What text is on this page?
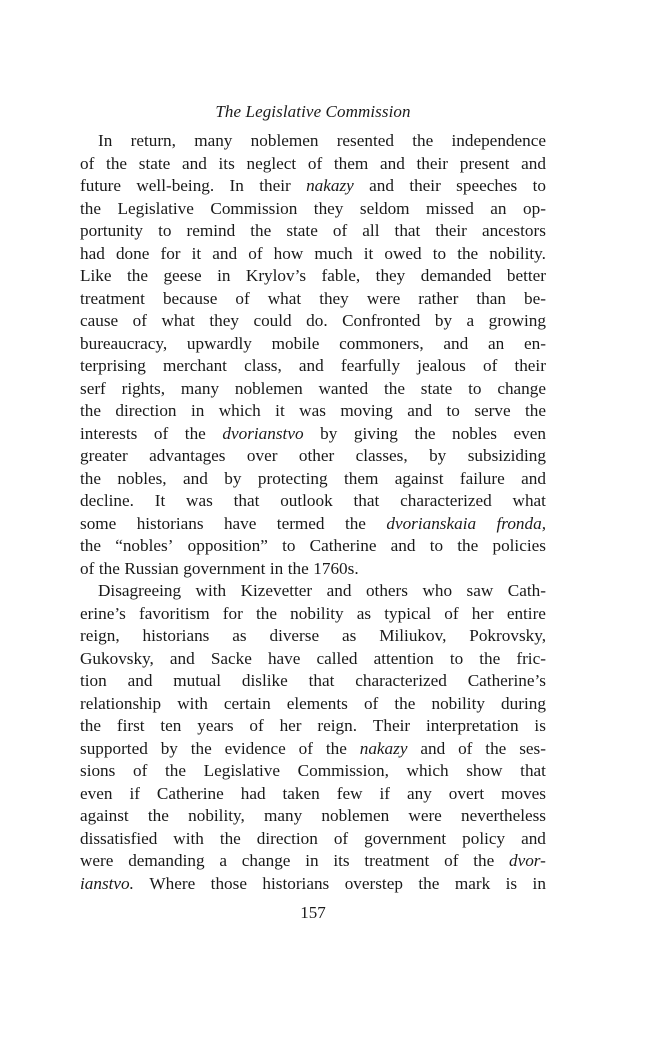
The Legislative Commission
In return, many noblemen resented the independence
of the state and its neglect of them and their present and
future well-being. In their nakazy and their speeches to
the Legislative Commission they seldom missed an op-
portunity to remind the state of all that their ancestors
had done for it and of how much it owed to the nobility.
Like the geese in Krylov’s fable, they demanded better
treatment because of what they were rather than be-
cause of what they could do. Confronted by a growing
bureaucracy, upwardly mobile commoners, and an en-
terprising merchant class, and fearfully jealous of their
serf rights, many noblemen wanted the state to change
the direction in which it was moving and to serve the
interests of the dvorianstvo by giving the nobles even
greater advantages over other classes, by subsiziding
the nobles, and by protecting them against failure and
decline. It was that outlook that characterized what
some historians have termed the dvorianskaia fronda,
the “nobles’ opposition” to Catherine and to the policies
of the Russian government in the 1760s.
Disagreeing with Kizevetter and others who saw Cath-
erine’s favoritism for the nobility as typical of her entire
reign, historians as diverse as Miliukov, Pokrovsky,
Gukovsky, and Sacke have called attention to the fric-
tion and mutual dislike that characterized Catherine’s
relationship with certain elements of the nobility during
the first ten years of her reign. Their interpretation is
supported by the evidence of the nakazy and of the ses-
sions of the Legislative Commission, which show that
even if Catherine had taken few if any overt moves
against the nobility, many noblemen were nevertheless
dissatisfied with the direction of government policy and
were demanding a change in its treatment of the dvor-
ianstvo. Where those historians overstep the mark is in
157
